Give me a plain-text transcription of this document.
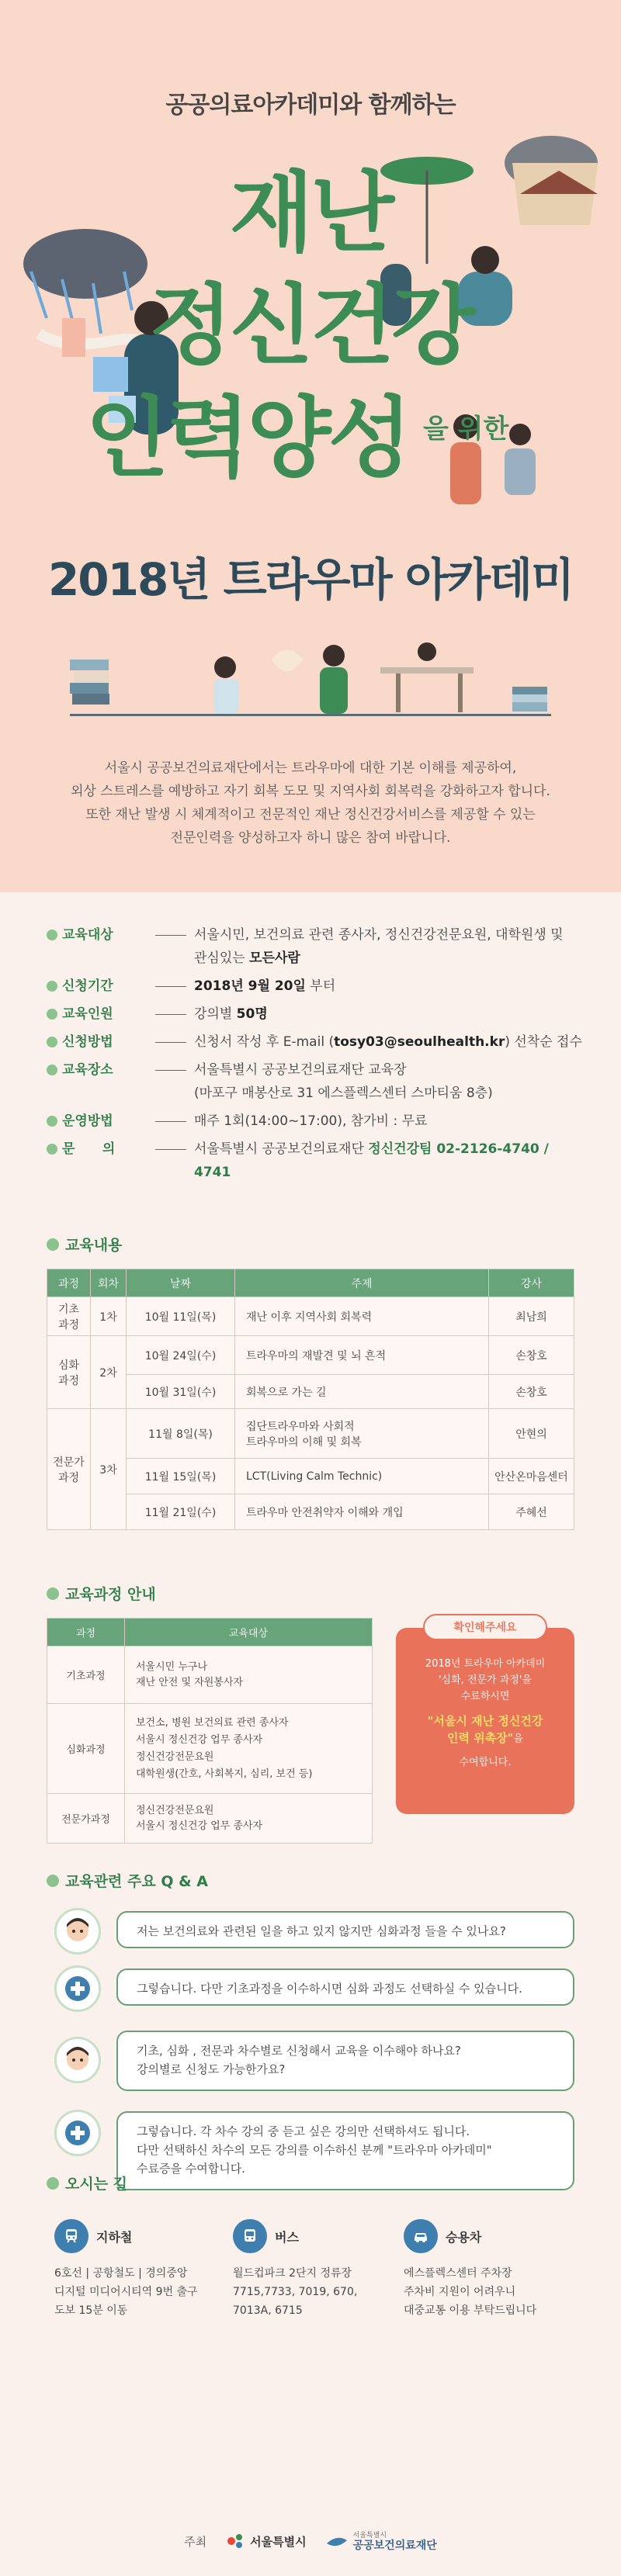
공공의료아카데미와 함께하는
재난
정신건강
인력양성 을 위한
2018년 트라우마 아카데미
서울시 공공보건의료재단에서는 트라우마에 대한 기본 이해를 제공하여,
외상 스트레스를 예방하고 자기 회복 도모 및 지역사회 회복력을 강화하고자 합니다.
또한 재난 발생 시 체계적이고 전문적인 재난 정신건강서비스를 제공할 수 있는
전문인력을 양성하고자 하니 많은 참여 바랍니다.
교육대상	서울시민, 보건의료 관련 종사자, 정신건강전문요원, 대학원생 및
관심있는 모든사람
신청기간	2018년 9월 20일 부터
교육인원	강의별 50명
신청방법	신청서 작성 후 E-mail (tosy03@seoulhealth.kr) 선착순 접수
교육장소	서울특별시 공공보건의료재단 교육장
(마포구 매봉산로 31 에스플렉스센터 스마티움 8층)
운영방법	매주 1회(14:00~17:00), 참가비 : 무료
문      의	서울특별시 공공보건의료재단 정신건강팀 02-2126-4740 / 4741
교육내용
과정	회차	날짜	주제	강사
기초
과정	1차	10월 11일(목)	재난 이후 지역사회 회복력	최남희
심화
과정	2차	10월 24일(수)	트라우마의 재발견 및 뇌 흔적	손창호
		10월 31일(수)	회복으로 가는 길	손창호
전문가
과정	3차	11월 8일(목)	집단트라우마와 사회적
트라우마의 이해 및 회복	안현의
		11월 15일(목)	LCT(Living Calm Technic)	안산온마음센터
		11월 21일(수)	트라우마 안전취약자 이해와 개입	주혜선
교육과정 안내
과정	교육대상
기초과정	서울시민 누구나
재난 안전 및 자원봉사자
심화과정	보건소, 병원 보건의료 관련 종사자
서울시 정신건강 업무 종사자
정신건강전문요원
대학원생(간호, 사회복지, 심리, 보건 등)
전문가과정	정신건강전문요원
서울시 정신건강 업무 종사자
확인해주세요
2018년 트라우마 아카데미
'심화, 전문가 과정'을
수료하시면
"서울시 재난 정신건강
인력 위촉장"을
수여합니다.
교육관련 주요 Q & A
저는 보건의료와 관련된 일을 하고 있지 않지만 심화과정 들을 수 있나요?
그렇습니다. 다만 기초과정을 이수하시면 심화 과정도 선택하실 수 있습니다.
기초, 심화 , 전문과 차수별로 신청해서 교육을 이수해야 하나요?
강의별로 신청도 가능한가요?
그렇습니다. 각 차수 강의 중 듣고 싶은 강의만 선택하셔도 됩니다.
다만 선택하신 차수의 모든 강의를 이수하신 분께 "트라우마 아카데미"
수료증을 수여합니다.
오시는 길
지하철
6호선 | 공항철도 | 경의중앙
디지털 미디어시티역 9번 출구
도보 15분 이동
버스
월드컵파크 2단지 정류장
7715,7733, 7019, 670,
7013A, 6715
승용차
에스플렉스센터 주차장
주차비 지원이 어려우니
대중교통 이용 부탁드립니다
주최	서울특별시	서울특별시
공공보건의료재단
